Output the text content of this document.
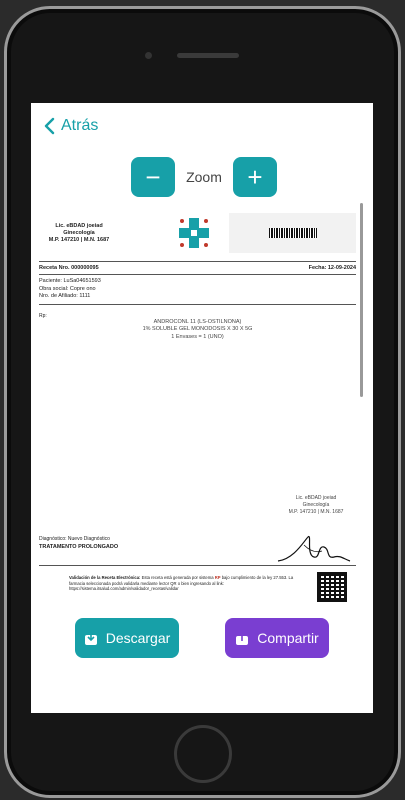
Atrás
−	Zoom +
Lic. eBDAD joeiad
Ginecología
M.P. 147210 | M.N. 1687
Receta Nro. 000000095	Fecha: 12-09-2024
Paciente: LuSa04651593
Obra social: Copre ono
Nro. de Afiliado: 1111
Rp:
ANDROCONL 11 (LS-OSTILNONA)
1% SOLUBLE GEL MONODOSIS X 30 X 5G
1 Envases = 1 (UNO)
Lic. eBDAD joeiad
Ginecología
M.P. 147210 | M.N. 1687
Diagnóstico: Nuevo Diagnóstico
TRATAMENTO PROLONGADO
Validación de la Receta Electrónica: Esta receta está generada por sistema RP bajo cumplimiento de la ley 27.553. La farmacia seleccionada podrá validarla mediante lector QR o bien ingresando al link: https://sistema.itsalud.com/admin/validador_recetas/validar
Descargar	Compartir
